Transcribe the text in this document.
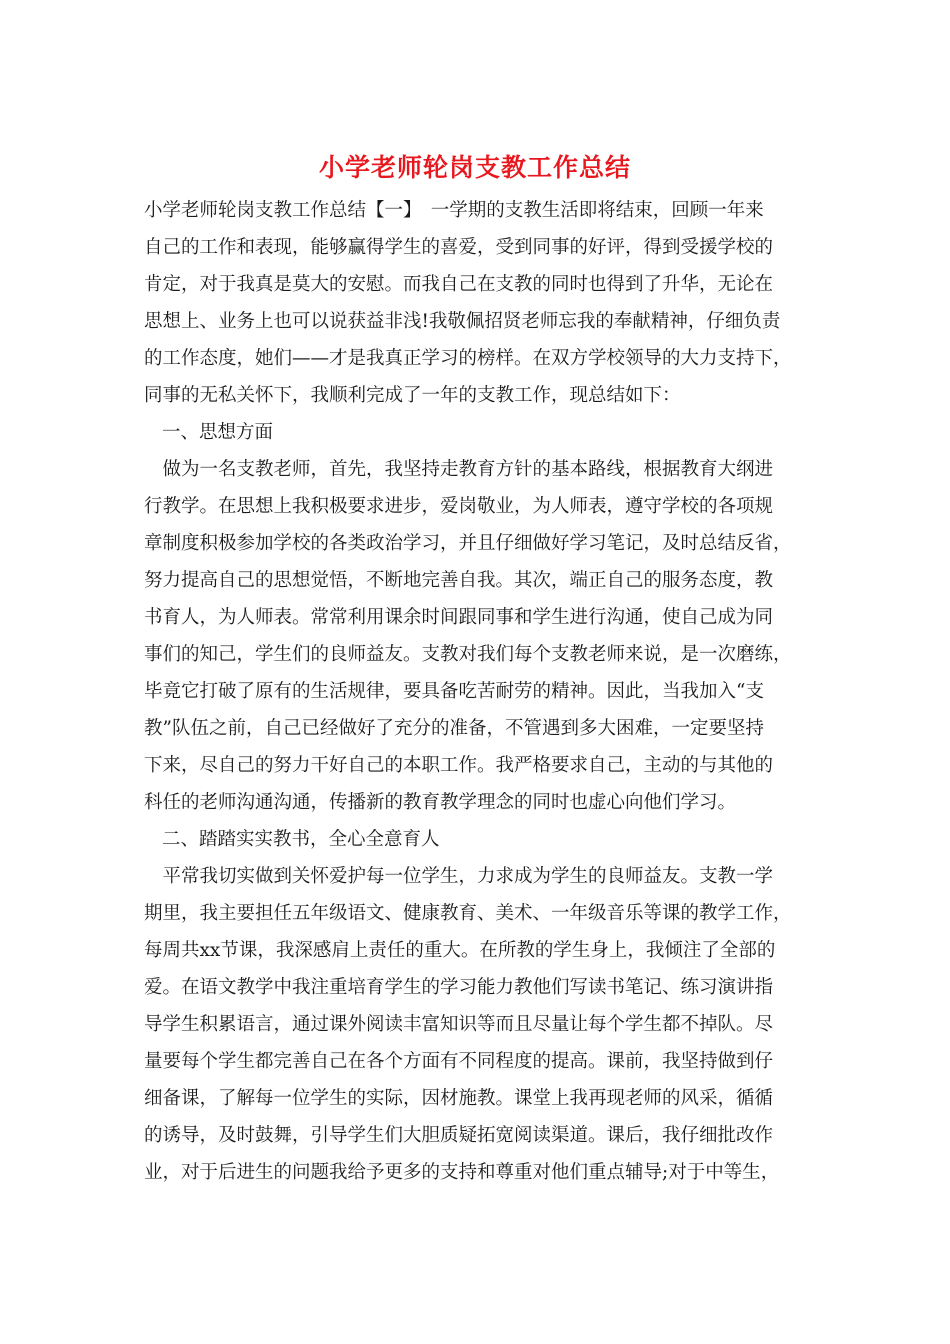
小学老师轮岗支教工作总结
小学老师轮岗支教工作总结【一】　一学期的支教生活即将结束，回顾一年来
自己的工作和表现，能够赢得学生的喜爱，受到同事的好评，得到受援学校的
肯定，对于我真是莫大的安慰。而我自己在支教的同时也得到了升华，无论在
思想上、业务上也可以说获益非浅!我敬佩招贤老师忘我的奉献精神，仔细负责
的工作态度，她们——才是我真正学习的榜样。在双方学校领导的大力支持下，
同事的无私关怀下，我顺利完成了一年的支教工作，现总结如下：
一、思想方面
　做为一名支教老师，首先，我坚持走教育方针的基本路线，根据教育大纲进
行教学。在思想上我积极要求进步，爱岗敬业，为人师表，遵守学校的各项规
章制度积极参加学校的各类政治学习，并且仔细做好学习笔记，及时总结反省，
努力提高自己的思想觉悟，不断地完善自我。其次，端正自己的服务态度，教
书育人，为人师表。常常利用课余时间跟同事和学生进行沟通，使自己成为同
事们的知己，学生们的良师益友。支教对我们每个支教老师来说，是一次磨练，
毕竟它打破了原有的生活规律，要具备吃苦耐劳的精神。因此，当我加入“支
教”队伍之前，自己已经做好了充分的准备，不管遇到多大困难，一定要坚持
下来，尽自己的努力干好自己的本职工作。我严格要求自己，主动的与其他的
科任的老师沟通沟通，传播新的教育教学理念的同时也虚心向他们学习。
二、踏踏实实教书，全心全意育人
　平常我切实做到关怀爱护每一位学生，力求成为学生的良师益友。支教一学
期里，我主要担任五年级语文、健康教育、美术、一年级音乐等课的教学工作，
每周共xx节课，我深感肩上责任的重大。在所教的学生身上，我倾注了全部的
爱。在语文教学中我注重培育学生的学习能力教他们写读书笔记、练习演讲指
导学生积累语言，通过课外阅读丰富知识等而且尽量让每个学生都不掉队。尽
量要每个学生都完善自己在各个方面有不同程度的提高。课前，我坚持做到仔
细备课，了解每一位学生的实际，因材施教。课堂上我再现老师的风采，循循
的诱导，及时鼓舞，引导学生们大胆质疑拓宽阅读渠道。课后，我仔细批改作
业，对于后进生的问题我给予更多的支持和尊重对他们重点辅导;对于中等生，
